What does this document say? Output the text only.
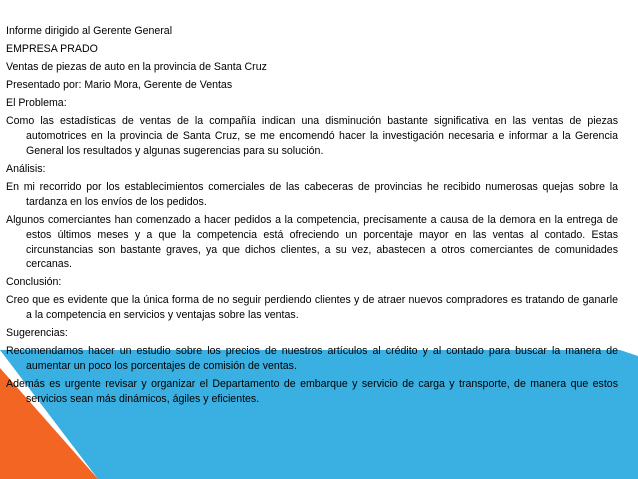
Informe dirigido al Gerente General
EMPRESA PRADO
Ventas de piezas de auto en la provincia de Santa Cruz
Presentado por: Mario Mora, Gerente de Ventas
El Problema:

Como las estadísticas de ventas de la compañía indican una disminución bastante significativa en las ventas de piezas automotrices en la provincia de Santa Cruz, se me encomendó hacer la investigación necesaria e informar a la Gerencia General los resultados y algunas sugerencias para su solución.

Análisis:

En mi recorrido por los establecimientos comerciales de las cabeceras de provincias he recibido numerosas quejas sobre la tardanza en los envíos de los pedidos.

Algunos comerciantes han comenzado a hacer pedidos a la competencia, precisamente a causa de la demora en la entrega de estos últimos meses y a que la competencia está ofreciendo un porcentaje mayor en las ventas al contado. Estas circunstancias son bastante graves, ya que dichos clientes, a su vez, abastecen a otros comerciantes de comunidades cercanas.

Conclusión:

Creo que es evidente que la única forma de no seguir perdiendo clientes y de atraer nuevos compradores es tratando de ganarle a la competencia en servicios y ventajas sobre las ventas.

Sugerencias:

Recomendamos hacer un estudio sobre los precios de nuestros artículos al crédito y al contado para buscar la manera de aumentar un poco los porcentajes de comisión de ventas.

Además es urgente revisar y organizar el Departamento de embarque y servicio de carga y transporte, de manera que estos servicios sean más dinámicos, ágiles y eficientes.
